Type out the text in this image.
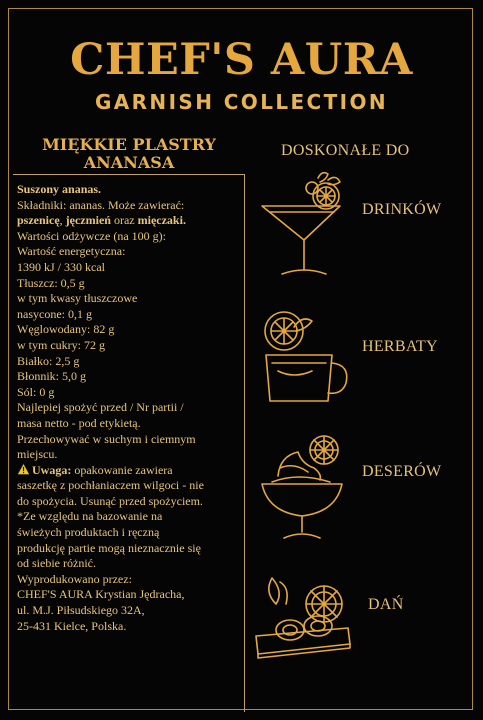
CHEF'S AURA
GARNISH COLLECTION
MIĘKKIE PLASTRY
ANANASA

Suszony ananas.

Składniki: ananas. Może zawierać:
pszenicę, jęczmień oraz mięczaki.

Wartości odżywcze (na 100 g):

Wartość energetyczna:

1390 kJ / 330 kcal

Tłuszcz: 0,5 g

w tym kwasy tłuszczowe

nasycone: 0,1 g

Węglowodany: 82 g

w tym cukry: 72 g

Białko: 2,5 g

Błonnik: 5,0 g

Sól: 0 g

Najlepiej spożyć przed / Nr partii /

masa netto - pod etykietą.

Przechowywać w suchym i ciemnym

miejscu.

Uwaga: opakowanie zawiera
saszetkę z pochłaniaczem wilgoci - nie
do spożycia. Usunąć przed spożyciem.

*Ze względu na bazowanie na

świeżych produktach i ręczną

produkcję partie mogą nieznacznie się

od siebie różnić.

Wyprodukowano przez:

CHEF'S AURA Krystian Jędracha,

ul. M.J. Piłsudskiego 32A,

25-431 Kielce, Polska.

DOSKONAŁE DO
DRINKÓW
HERBATY
DESERÓW
DAŃ
